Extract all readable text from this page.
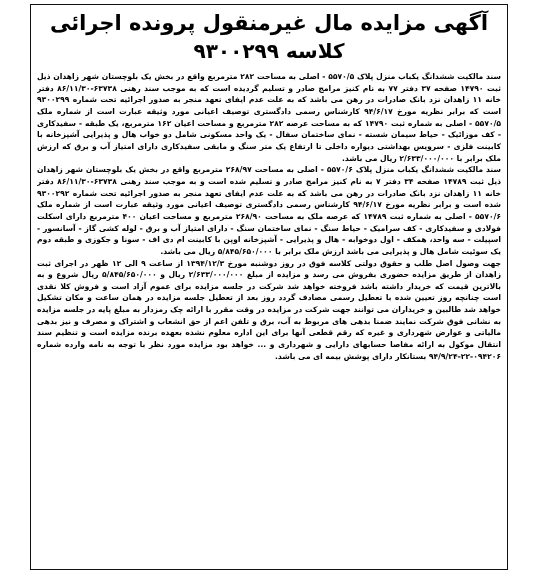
آگهی مزایده مال غیرمنقول پرونده اجرائی
کلاسه ۹۳۰۰۲۹۹

سند مالکیت ششدانگ یکباب منزل پلاک ۵۵۷۰/۵ - اصلی به مساحت ۲۸۲ مترمربع واقع در بخش یک بلوچستان شهر زاهدان ذیل ثبت ۱۴۷۹۰ صفحه ۳۷ دفتر ۷۷ به نام کنیز مرامج صادر و تسلیم گردیده است که به موجب سند رهنی ۶۳۷۳۸-۸۶/۱۱/۳۰ دفتر خانه ۱۱ زاهدان نزد بانک صادرات در رهن می باشد که به علت عدم ایفای تعهد منجر به صدور اجرائیه تحت شماره ۹۳۰۰۲۹۹ است که برابر نظریه مورخ ۹۴/۶/۱۷ کارشناس رسمی دادگستری توصیف اعیانی مورد وثیقه عبارت است از شماره ملک ۵۵۷۰/۵ - اصلی به شماره ثبت ۱۴۷۹۰ که به مساحت عرصه ۲۸۲ مترمربع و مساحت اعیان ۱۶۲ مترمربع، یک طبقه - سفیدکاری - کف موزائیک - حیاط سیمان شسته - نمای ساختمان سفال - یک واحد مسکونی شامل دو خواب هال و پذیرایی آشپزخانه با کابینت فلزی - سرویس بهداشتی دیواره داخلی تا ارتفاع یک متر سنگ و مابقی سفیدکاری دارای امتیاز آب و برق که ارزش ملک برابر با ۲/۶۳۳/۰۰۰/۰۰۰ ریال می باشد.

سند مالکیت ششدانگ یکباب منزل پلاک ۵۵۷۰/۶ - اصلی به مساحت ۲۶۸/۹۷ مترمربع واقع در بخش یک بلوچستان شهر زاهدان ذیل ثبت ۱۴۷۸۹ صفحه ۳۴ دفتر ۷ به نام کنیز مرامج صادر و تسلیم شده است و به موجب سند رهنی ۶۳۷۳۸-۸۶/۱۱/۳۰ دفتر خانه ۱۱ زاهدان نزد بانک صادرات در رهن می باشد که به علت عدم ایفای تعهد منجر به صدور اجرائیه تحت شماره ۹۳۰۰۲۹۲ شده است و برابر نظریه مورخ ۹۴/۶/۱۷ کارشناس رسمی دادگستری توصیف اعیانی مورد وثیقه عبارت است از شماره ملک ۵۵۷۰/۶ - اصلی به شماره ثبت ۱۴۷۸۹ که عرصه ملک به مساحت ۲۶۸/۹۰ مترمربع و مساحت اعیان ۴۰۰ مترمربع دارای اسکلت فولادی و سفیدکاری - کف سرامیک - حیاط سنگ - نمای ساختمان سنگ - دارای امتیاز آب و برق - لوله کشی گاز - آسانسور - اسپیلت - سه واحد، همکف - اول دوخوابه - هال و پذیرایی - آشپزخانه اوپن با کابینت ام دی اف - سونا و جکوزی و طبقه دوم یک سوئیت شامل هال و پذیرایی می باشد ارزش ملک برابر با ۵/۸۴۵/۶۵۰/۰۰۰ ریال می باشد.

جهت وصول اصل طلب و حقوق دولتی کلاسه فوق در روز دوشنبه مورخ ۱۳۹۴/۱۲/۳ از ساعت ۹ الی ۱۲ ظهر در اجرای ثبت زاهدان از طریق مزایده حضوری بفروش می رسد و مزایده از مبلغ ۲/۶۳۳/۰۰۰/۰۰۰ ریال و ۵/۸۴۵/۶۵۰/۰۰۰ ریال شروع و به بالاترین قیمت که خریدار داشته باشد فروخته خواهد شد شرکت در جلسه مزایده برای عموم آزاد است و فروش کلا نقدی است چنانچه روز تعیین شده با تعطیل رسمی مصادف گردد روز بعد از تعطیل جلسه مزایده در همان ساعت و مکان تشکیل خواهد شد طالبین و خریداران می توانند جهت شرکت در مزایده در وقت مقرر با ارائه چک رمزدار به مبلغ پایه در جلسه مزایده به نشانی فوق شرکت نمایند ضمنا بدهی های مربوط به آب، برق و تلفن اعم از حق انشعاب و اشتراک و مصرف و نیز بدهی مالیاتی و عوارض شهرداری و غیره که رقم قطعی آنها برای این اداره معلوم نشده بعهده برنده مزایده است و تنظیم سند انتقال موکول به ارائه مفاصا حسابهای دارایی و شهرداری و ... خواهد بود مزایده مورد نظر با توجه به نامه وارده شماره ۰۹۴۲۰۶-۲۲-۹۴/۹/۲۴ بستانکار دارای پوشش بیمه ای می باشد.
